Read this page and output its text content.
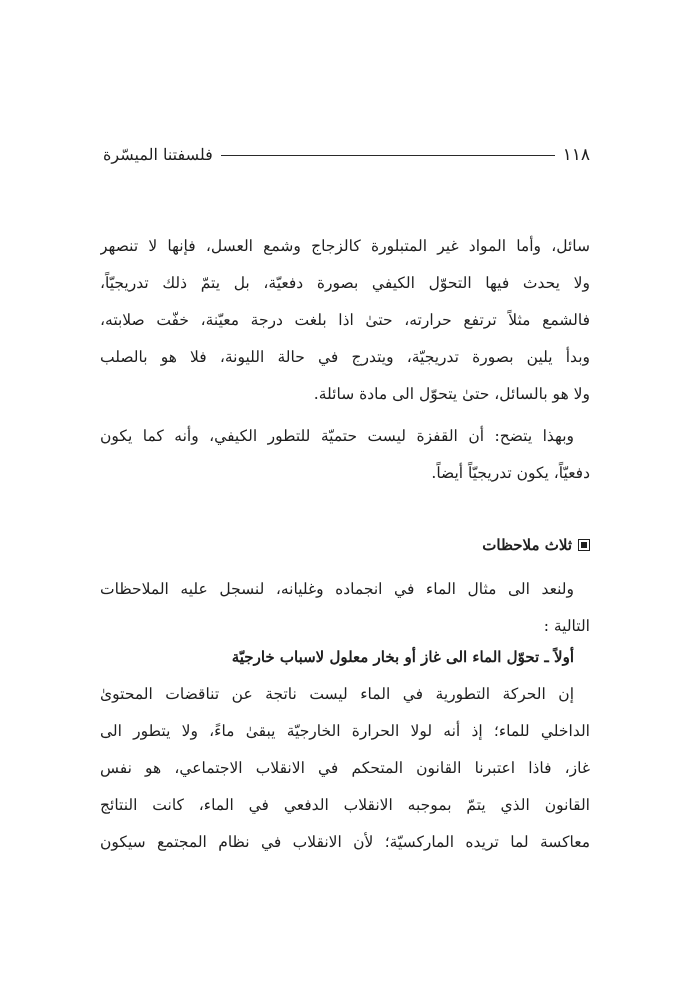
١١٨
فلسفتنا الميسّرة
سائل، وأما المواد غير المتبلورة كالزجاج وشمع العسل، فإنها لا تنصهر
ولا يحدث فيها التحوّل الكيفي بصورة دفعيّة، بل يتمّ ذلك تدريجيّاً،
فالشمع مثلاً ترتفع حرارته، حتىٰ اذا بلغت درجة معيّنة، خفّت صلابته،
وبدأ يلين بصورة تدريجيّة، ويتدرج في حالة الليونة، فلا هو بالصلب
ولا هو بالسائل، حتىٰ يتحوّل الى مادة سائلة.
وبهذا يتضح: أن القفزة ليست حتميّة للتطور الكيفي، وأنه كما يكون
دفعيّاً، يكون تدريجيّاً أيضاً.
ثلاث ملاحظات
ولنعد الى مثال الماء في انجماده وغليانه، لنسجل عليه الملاحظات
التالية :
أولاً ـ تحوّل الماء الى غاز أو بخار معلول لاسباب خارجيّة
إن الحركة التطورية في الماء ليست ناتجة عن تناقضات المحتوىٰ
الداخلي للماء؛ إذ أنه لولا الحرارة الخارجيّة يبقىٰ ماءً، ولا يتطور الى
غاز، فاذا اعتبرنا القانون المتحكم في الانقلاب الاجتماعي، هو نفس
القانون الذي يتمّ بموجبه الانقلاب الدفعي في الماء، كانت النتائج
معاكسة لما تريده الماركسيّة؛ لأن الانقلاب في نظام المجتمع سيكون
